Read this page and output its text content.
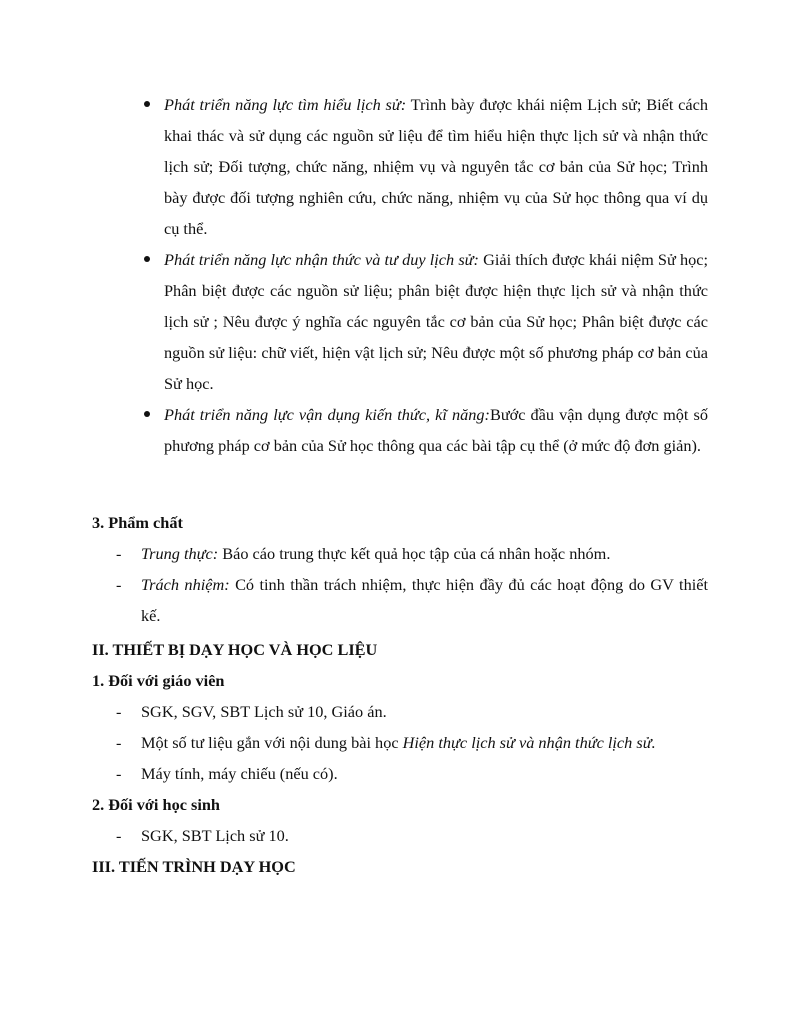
Phát triển năng lực tìm hiểu lịch sử: Trình bày được khái niệm Lịch sử; Biết cách khai thác và sử dụng các nguồn sử liệu để tìm hiểu hiện thực lịch sử và nhận thức lịch sử; Đối tượng, chức năng, nhiệm vụ và nguyên tắc cơ bản của Sử học; Trình bày được đối tượng nghiên cứu, chức năng, nhiệm vụ của Sử học thông qua ví dụ cụ thể.
Phát triển năng lực nhận thức và tư duy lịch sử: Giải thích được khái niệm Sử học; Phân biệt được các nguồn sử liệu; phân biệt được hiện thực lịch sử và nhận thức lịch sử ; Nêu được ý nghĩa các nguyên tắc cơ bản của Sử học; Phân biệt được các nguồn sử liệu: chữ viết, hiện vật lịch sử; Nêu được một số phương pháp cơ bản của Sử học.
Phát triển năng lực vận dụng kiến thức, kĩ năng:Bước đầu vận dụng được một số phương pháp cơ bản của Sử học thông qua các bài tập cụ thể (ở mức độ đơn giản).
3. Phẩm chất
- Trung thực: Báo cáo trung thực kết quả học tập của cá nhân hoặc nhóm.
- Trách nhiệm: Có tinh thần trách nhiệm, thực hiện đầy đủ các hoạt động do GV thiết kế.
II. THIẾT BỊ DẠY HỌC VÀ HỌC LIỆU
1. Đối với giáo viên
- SGK, SGV, SBT Lịch sử 10, Giáo án.
- Một số tư liệu gắn với nội dung bài học Hiện thực lịch sử và nhận thức lịch sử.
- Máy tính, máy chiếu (nếu có).
2. Đối với học sinh
- SGK, SBT Lịch sử 10.
III. TIẾN TRÌNH DẠY HỌC
